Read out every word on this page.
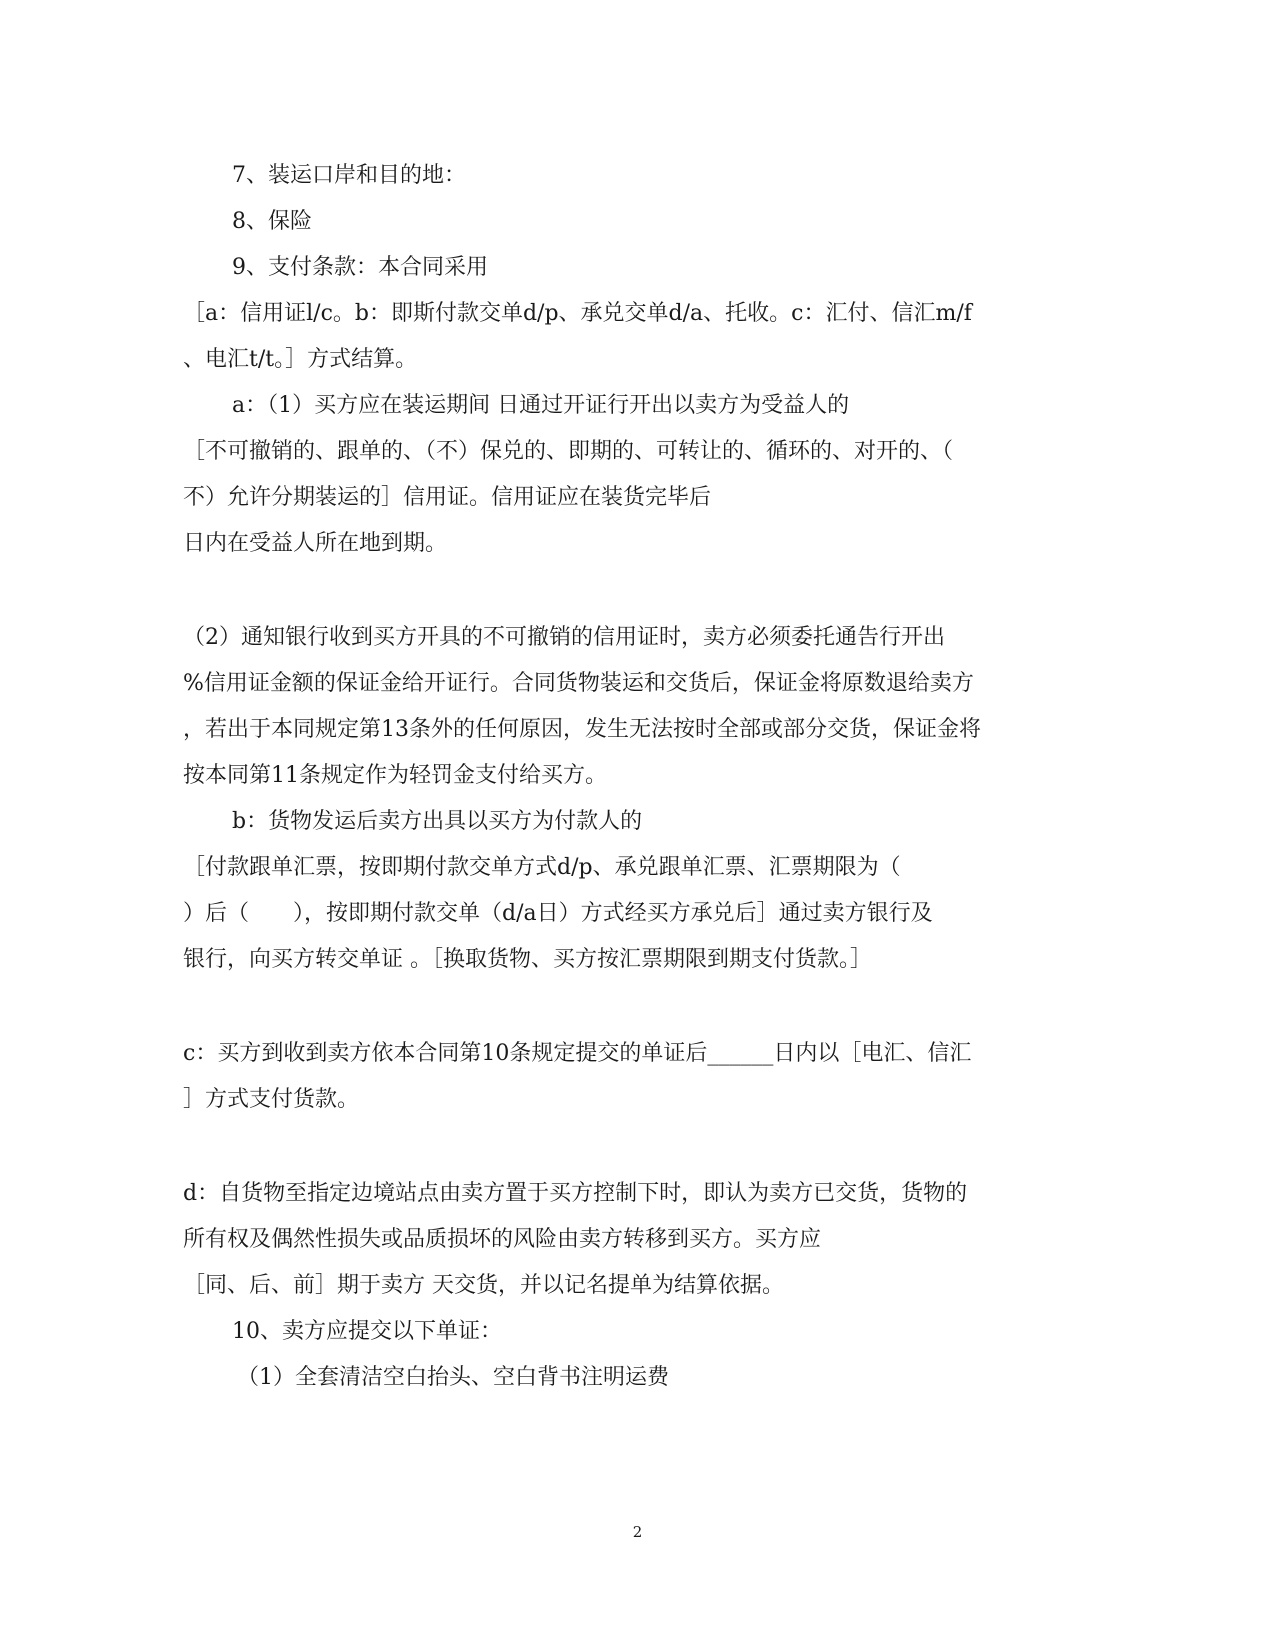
7、装运口岸和目的地：
8、保险
9、支付条款：本合同采用
［a：信用证l/c。b：即斯付款交单d/p、承兑交单d/a、托收。c：汇付、信汇m/f
、电汇t/t。］方式结算。
a：（1）买方应在装运期间 日通过开证行开出以卖方为受益人的
［不可撤销的、跟单的、（不）保兑的、即期的、可转让的、循环的、对开的、（
不）允许分期装运的］信用证。信用证应在装货完毕后
日内在受益人所在地到期。
（2）通知银行收到买方开具的不可撤销的信用证时，卖方必须委托通告行开出
%信用证金额的保证金给开证行。合同货物装运和交货后，保证金将原数退给卖方
，若出于本同规定第13条外的任何原因，发生无法按时全部或部分交货，保证金将
按本同第11条规定作为轻罚金支付给买方。
b：货物发运后卖方出具以买方为付款人的
［付款跟单汇票，按即期付款交单方式d/p、承兑跟单汇票、汇票期限为（
）后（　　），按即期付款交单（d/a日）方式经买方承兑后］通过卖方银行及
银行，向买方转交单证 。［换取货物、买方按汇票期限到期支付货款。］
c：买方到收到卖方依本合同第10条规定提交的单证后______日内以［电汇、信汇
］方式支付货款。
d：自货物至指定边境站点由卖方置于买方控制下时，即认为卖方已交货，货物的
所有权及偶然性损失或品质损坏的风险由卖方转移到买方。买方应
［同、后、前］期于卖方 天交货，并以记名提单为结算依据。
10、卖方应提交以下单证：
（1）全套清洁空白抬头、空白背书注明运费
2
